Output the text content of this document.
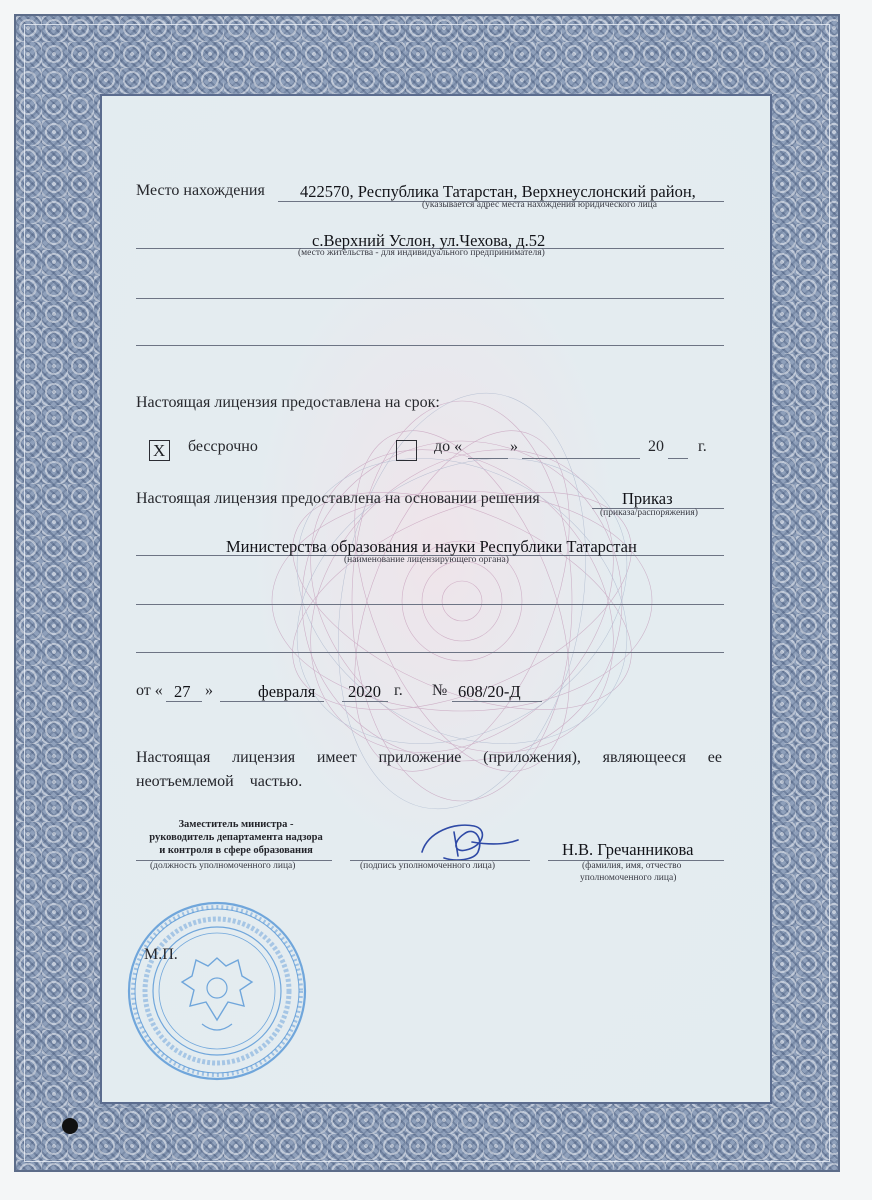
Место нахождения 422570, Республика Татарстан, Верхнеуслонский район,
(указывается адрес места нахождения юридического лица
с.Верхний Услон, ул.Чехова, д.52
(место жительства - для индивидуального предпринимателя)
Настоящая лицензия предоставлена на срок:
Х бессрочно	до «	»	20 г.
Настоящая лицензия предоставлена на основании решения	Приказ
(приказа/распоряжения)
Министерства образования и науки Республики Татарстан
(наименование лицензирующего органа)
от « 27 »	февраля 2020 г. № 608/20-Д
Настоящая лицензия имеет приложение (приложения), являющееся ее
неотъемлемой частью.
Заместитель министра -
руководитель департамента надзора
и контроля в сфере образования
(должность уполномоченного лица)	(подпись уполномоченного лица)
Н.В. Гречанникова
(фамилия, имя, отчество
уполномоченного лица)
М.П.
